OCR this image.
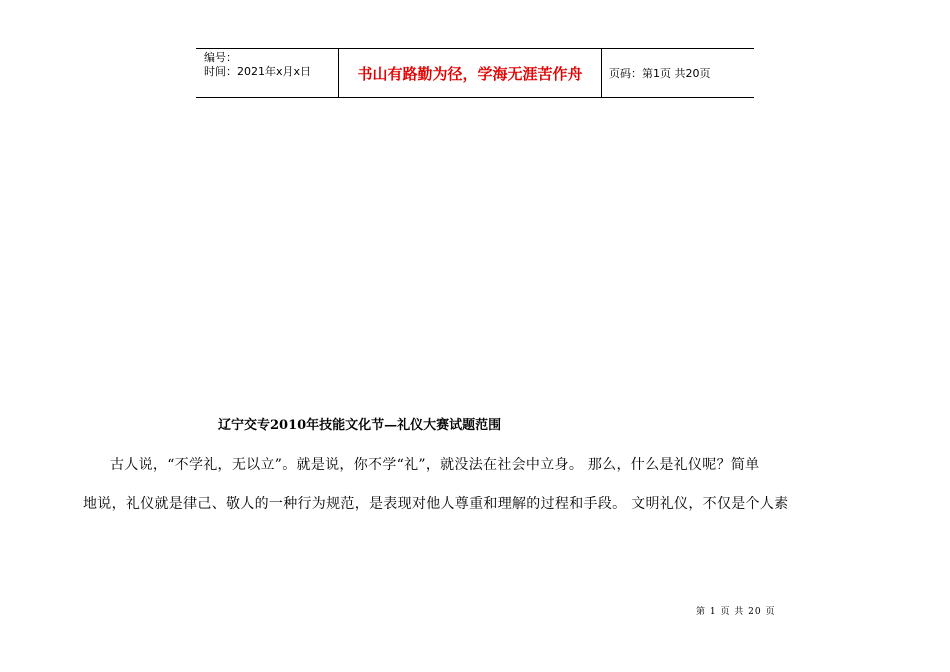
编号：
时间：2021年x月x日	书山有路勤为径，学海无涯苦作舟 页码：第1页 共20页
辽宁交专2010年技能文化节—礼仪大赛试题范围
古人说，“不学礼，无以立”。就是说，你不学“礼”，就没法在社会中立身。 那么，什么是礼仪呢？简单
地说，礼仪就是律己、敬人的一种行为规范，是表现对他人尊重和理解的过程和手段。 文明礼仪，不仅是个人素
第 1 页 共 20 页
